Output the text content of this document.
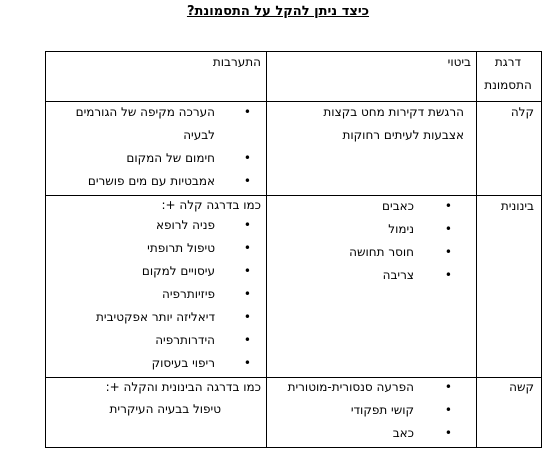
כיצד ניתן להקל על התסמונת?

דרגת

התסמונת

ביטוי
התערבות
קלה

הרגשת דקירות מחט בקצות

אצבעות לעיתים רחוקות

הערכה מקיפה של הגורמים •

לבעיה

חימום של המקום •
אמבטיות עם מים פושרים •
בינונית
כאבים •
נימול •
חוסר תחושה •
צריבה •
כמו בדרגה קלה +:
פניה לרופא •
טיפול תרופתי •
עיסויים למקום •
פיזיותרפיה •
דיאליזה יותר אפקטיבית •
הידרותרפיה •
ריפוי בעיסוק •
קשה
הפרעה סנסורית-מוטורית •
קושי תפקודי •
כאב •

כמו בדרגה הבינונית והקלה +:

טיפול בבעיה העיקרית
